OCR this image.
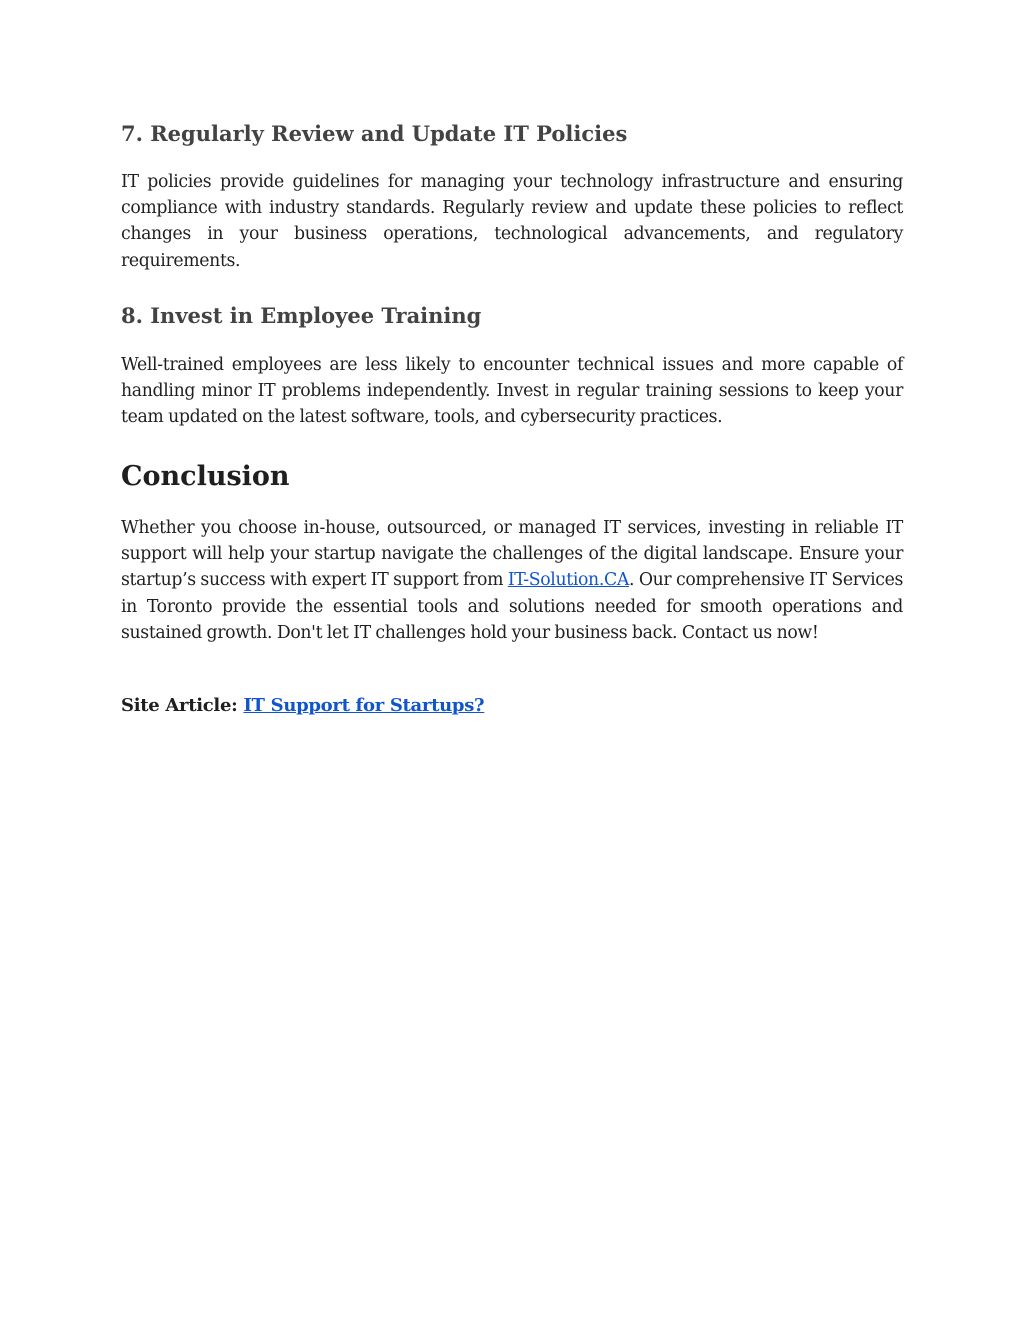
7. Regularly Review and Update IT Policies

IT policies provide guidelines for managing your technology infrastructure and ensuring compliance with industry standards. Regularly review and update these policies to reflect changes in your business operations, technological advancements, and regulatory requirements.

8. Invest in Employee Training

Well-trained employees are less likely to encounter technical issues and more capable of handling minor IT problems independently. Invest in regular training sessions to keep your team updated on the latest software, tools, and cybersecurity practices.

Conclusion

Whether you choose in-house, outsourced, or managed IT services, investing in reliable IT support will help your startup navigate the challenges of the digital landscape. Ensure your startup’s success with expert IT support from IT-Solution.CA. Our comprehensive IT Services in Toronto provide the essential tools and solutions needed for smooth operations and sustained growth. Don't let IT challenges hold your business back. Contact us now!

Site Article: IT Support for Startups?
